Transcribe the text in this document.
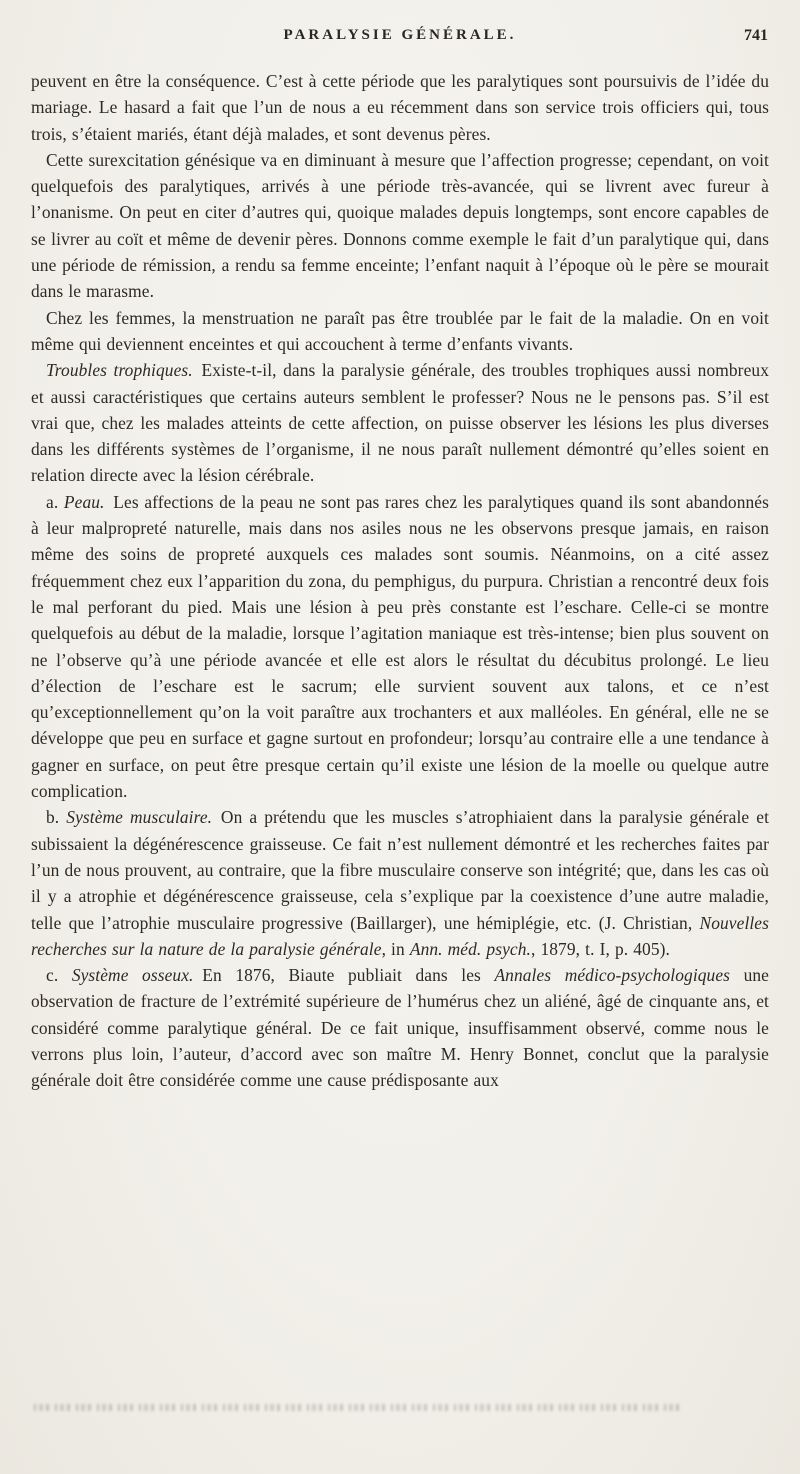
PARALYSIE GÉNÉRALE.	741

peuvent en être la conséquence. C’est à cette période que les paralytiques sont poursuivis de l’idée du mariage. Le hasard a fait que l’un de nous a eu récemment dans son service trois officiers qui, tous trois, s’étaient mariés, étant déjà malades, et sont devenus pères.

Cette surexcitation génésique va en diminuant à mesure que l’affection progresse; cependant, on voit quelquefois des paralytiques, arrivés à une période très-avancée, qui se livrent avec fureur à l’onanisme. On peut en citer d’autres qui, quoique malades depuis longtemps, sont encore capables de se livrer au coït et même de devenir pères. Donnons comme exemple le fait d’un paralytique qui, dans une période de rémission, a rendu sa femme enceinte; l’enfant naquit à l’époque où le père se mourait dans le marasme.

Chez les femmes, la menstruation ne paraît pas être troublée par le fait de la maladie. On en voit même qui deviennent enceintes et qui accouchent à terme d’enfants vivants.

Troubles trophiques. Existe-t-il, dans la paralysie générale, des troubles trophiques aussi nombreux et aussi caractéristiques que certains auteurs semblent le professer? Nous ne le pensons pas. S’il est vrai que, chez les malades atteints de cette affection, on puisse observer les lésions les plus diverses dans les différents systèmes de l’organisme, il ne nous paraît nullement démontré qu’elles soient en relation directe avec la lésion cérébrale.

a. Peau. Les affections de la peau ne sont pas rares chez les paralytiques quand ils sont abandonnés à leur malpropreté naturelle, mais dans nos asiles nous ne les observons presque jamais, en raison même des soins de propreté auxquels ces malades sont soumis. Néanmoins, on a cité assez fréquemment chez eux l’apparition du zona, du pemphigus, du purpura. Christian a rencontré deux fois le mal perforant du pied. Mais une lésion à peu près constante est l’eschare. Celle-ci se montre quelquefois au début de la maladie, lorsque l’agitation maniaque est très-intense; bien plus souvent on ne l’observe qu’à une période avancée et elle est alors le résultat du décubitus prolongé. Le lieu d’élection de l’eschare est le sacrum; elle survient souvent aux talons, et ce n’est qu’exceptionnellement qu’on la voit paraître aux trochanters et aux malléoles. En général, elle ne se développe que peu en surface et gagne surtout en profondeur; lorsqu’au contraire elle a une tendance à gagner en surface, on peut être presque certain qu’il existe une lésion de la moelle ou quelque autre complication.

b. Système musculaire. On a prétendu que les muscles s’atrophiaient dans la paralysie générale et subissaient la dégénérescence graisseuse. Ce fait n’est nullement démontré et les recherches faites par l’un de nous prouvent, au contraire, que la fibre musculaire conserve son intégrité; que, dans les cas où il y a atrophie et dégénérescence graisseuse, cela s’explique par la coexistence d’une autre maladie, telle que l’atrophie musculaire progressive (Baillarger), une hémiplégie, etc. (J. Christian, Nouvelles recherches sur la nature de la paralysie générale, in Ann. méd. psych., 1879, t. I, p. 405).

c. Système osseux. En 1876, Biaute publiait dans les Annales médico-psychologiques une observation de fracture de l’extrémité supérieure de l’humérus chez un aliéné, âgé de cinquante ans, et considéré comme paralytique général. De ce fait unique, insuffisamment observé, comme nous le verrons plus loin, l’auteur, d’accord avec son maître M. Henry Bonnet, conclut que la paralysie générale doit être considérée comme une cause prédisposante aux
